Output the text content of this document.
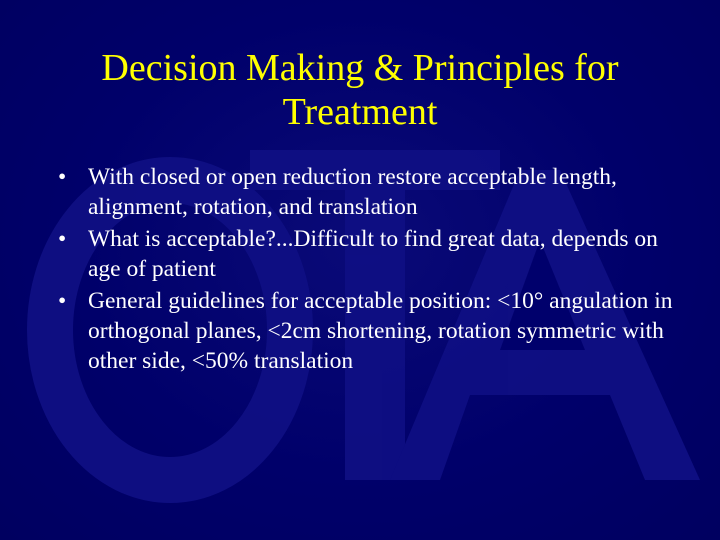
Decision Making & Principles for Treatment
• With closed or open reduction restore acceptable length, alignment, rotation, and translation
• What is acceptable?...Difficult to find great data, depends on age of patient
• General guidelines for acceptable position: <10° angulation in orthogonal planes, <2cm shortening, rotation symmetric with other side, <50% translation
